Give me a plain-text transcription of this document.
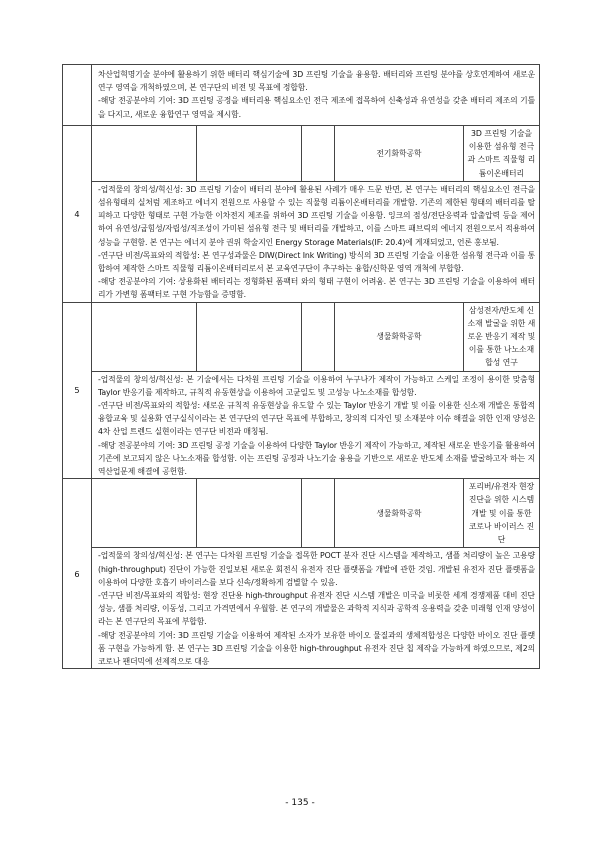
차산업혁명기술 분야에 활용하기 위한 배터리 핵심기술에 3D 프린팅 기술을 융용함. 배터리와 프린팅 분야를 상호연계하여 새로운 연구 영역을 개척하였으며, 본 연구단의 비전 및 목표에 정합함.

-해당 전공분야의 기여: 3D 프린팅 공정을 배터리용 핵심요소인 전극 제조에 접목하여 신축성과 유연성을 갖춘 배터리 제조의 기틀을 다지고, 새로운 융합연구 영역을 제시함.

4	
			전기화학공학	3D 프린팅 기술을 이용한 섬유형 전극과 스마트 직물형 리튬이온배터리

-업적물의 창의성/혁신성: 3D 프린팅 기술이 배터리 분야에 활용된 사례가 매우 드문 반면, 본 연구는 배터리의 핵심요소인 전극을 섬유형태의 실처럼 제조하고 에너지 전원으로 사용할 수 있는 직물형 리튬이온배터리를 개발함. 기존의 제한된 형태의 배터리를 탈피하고 다양한 형태로 구현 가능한 이차전지 제조를 위하여 3D 프린팅 기술을 이용함. 잉크의 점성/전단응력과 압출압력 등을 제어하여 유연성/굽힘성/자립성/직조성이 가미된 섬유형 전극 및 배터리를 개발하고, 이를 스마트 패브릭의 에너지 전원으로서 적용하여 성능을 구현함. 본 연구는 에너지 분야 권위 학술지인 Energy Storage Materials(IF: 20.4)에 게재되었고, 언론 홍보됨.

-연구단 비전/목표와의 적합성: 본 연구성과물은 DIW(Direct Ink Writing) 방식의 3D 프린팅 기술을 이용한 섬유형 전극과 이를 통합하여 제작한 스마트 직물형 리튬이온배터리로서 본 교육연구단이 추구하는 융합/신학문 영역 개척에 부합함.

-해당 전공분야의 기여: 상용화된 배터리는 정형화된 폼팩터 와의 형태 구현이 어려움. 본 연구는 3D 프린팅 기술을 이용하여 배터리가 가변형 폼팩터로 구현 가능함을 증명함.

5	
			생물화학공학	삼성전자/반도체 신소재 발굴을 위한 새로운 반응기 제작 및 이를 통한 나노소재 합성 연구

-업적물의 창의성/혁신성: 본 기술에서는 다차원 프린팅 기술을 이용하여 누구나가 제작이 가능하고 스케일 조정이 용이한 맞춤형 Taylor 반응기를 제작하고, 규칙적 유동현상을 이용하여 고균일도 및 고성능 나노소재를 합성함.

-연구단 비전/목표와의 적합성: 새로운 규칙적 유동현상을 유도할 수 있는 Taylor 반응기 개발 및 이를 이용한 신소재 개발은 통합적 융합교육 및 실용화 연구실식이라는 본 연구단의 연구단 목표에 부합하고, 창의적 디자인 및 소재분야 이슈 해결을 위한 인재 양성은 4차 산업 트렌드 실현이라는 연구단 비전과 매칭됨.

-해당 전공분야의 기여: 3D 프린팅 공정 기술을 이용하여 다양한 Taylor 반응기 제작이 가능하고, 제작된 새로운 반응기를 활용하여 기존에 보고되지 않은 나노소재를 합성함. 이는 프린팅 공정과 나노기술 융용을 기반으로 새로운 반도체 소재를 발굴하고자 하는 지역산업문제 해결에 공헌함.

6	
			생물화학공학	포리버/유전자 현장진단을 위한 시스템 개발 및 이를 통한 코로나 바이러스 진단

-업적물의 창의성/혁신성: 본 연구는 다차원 프린팅 기술을 접목한 POCT 분자 진단 시스템을 제작하고, 샘플 처리량이 높은 고용량(high-throughput) 진단이 가능한 진일보된 새로운 회전식 유전자 진단 플랫폼을 개발에 관한 것임. 개발된 유전자 진단 플랫폼을 이용하여 다양한 호흡기 바이러스를 보다 신속/정확하게 검별할 수 있음.

-연구단 비전/목표와의 적합성: 현장 진단용 high-throughput 유전자 진단 시스템 개발은 미국을 비롯한 세계 경쟁제품 대비 진단 성능, 샘플 처리량, 이동성, 그리고 가격면에서 우월함. 본 연구의 개발물은 과학적 지식과 공학적 응용력을 갖춘 미래형 인재 양성이라는 본 연구단의 목표에 부합함.

-해당 전공분야의 기여: 3D 프린팅 기술을 이용하여 제작된 소자가 보유한 바이오 물질과의 생체적합성은 다양한 바이오 진단 플랫폼 구현을 가능하게 함. 본 연구는 3D 프린팅 기술을 이용한 high-throughput 유전자 진단 칩 제작을 가능하게 하였으므로, 제2의 코로나 팬더믹에 선제적으로 대응

- 135 -
